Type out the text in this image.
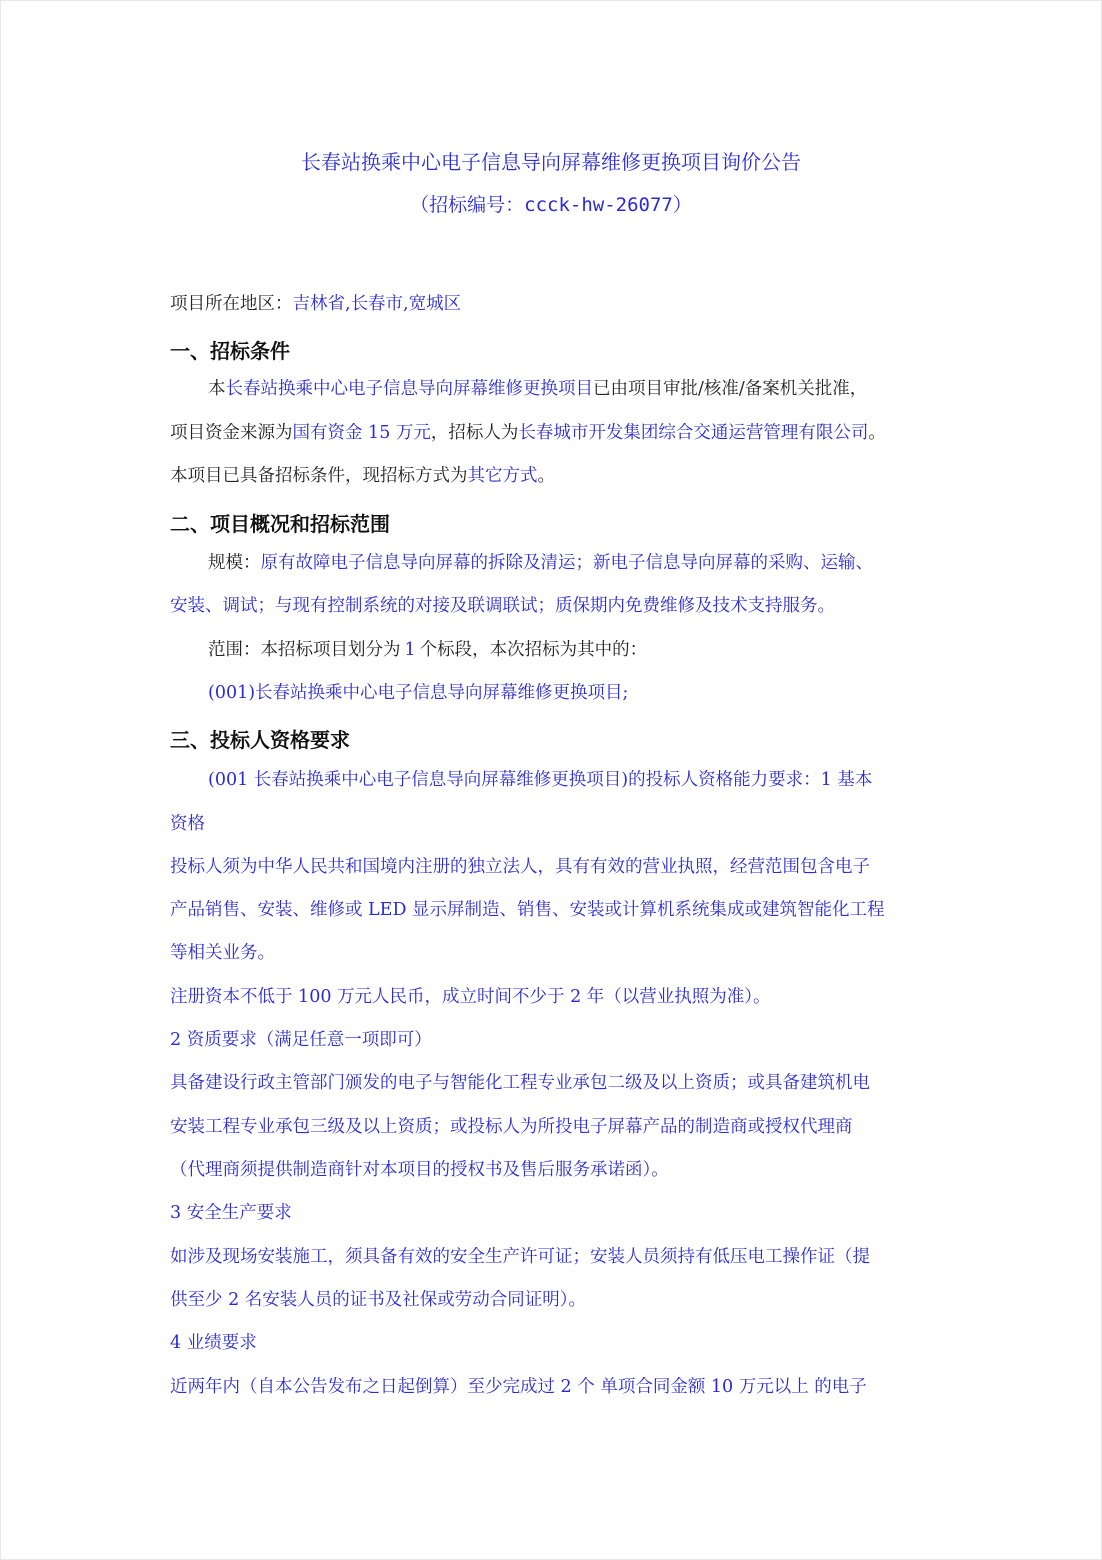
长春站换乘中心电子信息导向屏幕维修更换项目询价公告
（招标编号：ccck-hw-26077）
项目所在地区：吉林省,长春市,宽城区
一、招标条件
本长春站换乘中心电子信息导向屏幕维修更换项目已由项目审批/核准/备案机关批准，
项目资金来源为国有资金 15 万元，招标人为长春城市开发集团综合交通运营管理有限公司。
本项目已具备招标条件，现招标方式为其它方式。
二、项目概况和招标范围
规模：原有故障电子信息导向屏幕的拆除及清运；新电子信息导向屏幕的采购、运输、
安装、调试；与现有控制系统的对接及联调联试；质保期内免费维修及技术支持服务。
范围：本招标项目划分为 1 个标段，本次招标为其中的：
(001)长春站换乘中心电子信息导向屏幕维修更换项目;
三、投标人资格要求
(001 长春站换乘中心电子信息导向屏幕维修更换项目)的投标人资格能力要求：1 基本
资格
投标人须为中华人民共和国境内注册的独立法人，具有有效的营业执照，经营范围包含电子
产品销售、安装、维修或 LED 显示屏制造、销售、安装或计算机系统集成或建筑智能化工程
等相关业务。
注册资本不低于 100 万元人民币，成立时间不少于 2 年（以营业执照为准）。
2 资质要求（满足任意一项即可）
具备建设行政主管部门颁发的电子与智能化工程专业承包二级及以上资质；或具备建筑机电
安装工程专业承包三级及以上资质；或投标人为所投电子屏幕产品的制造商或授权代理商
（代理商须提供制造商针对本项目的授权书及售后服务承诺函）。
3 安全生产要求
如涉及现场安装施工，须具备有效的安全生产许可证；安装人员须持有低压电工操作证（提
供至少 2 名安装人员的证书及社保或劳动合同证明）。
4 业绩要求
近两年内（自本公告发布之日起倒算）至少完成过 2 个 单项合同金额 10 万元以上 的电子
